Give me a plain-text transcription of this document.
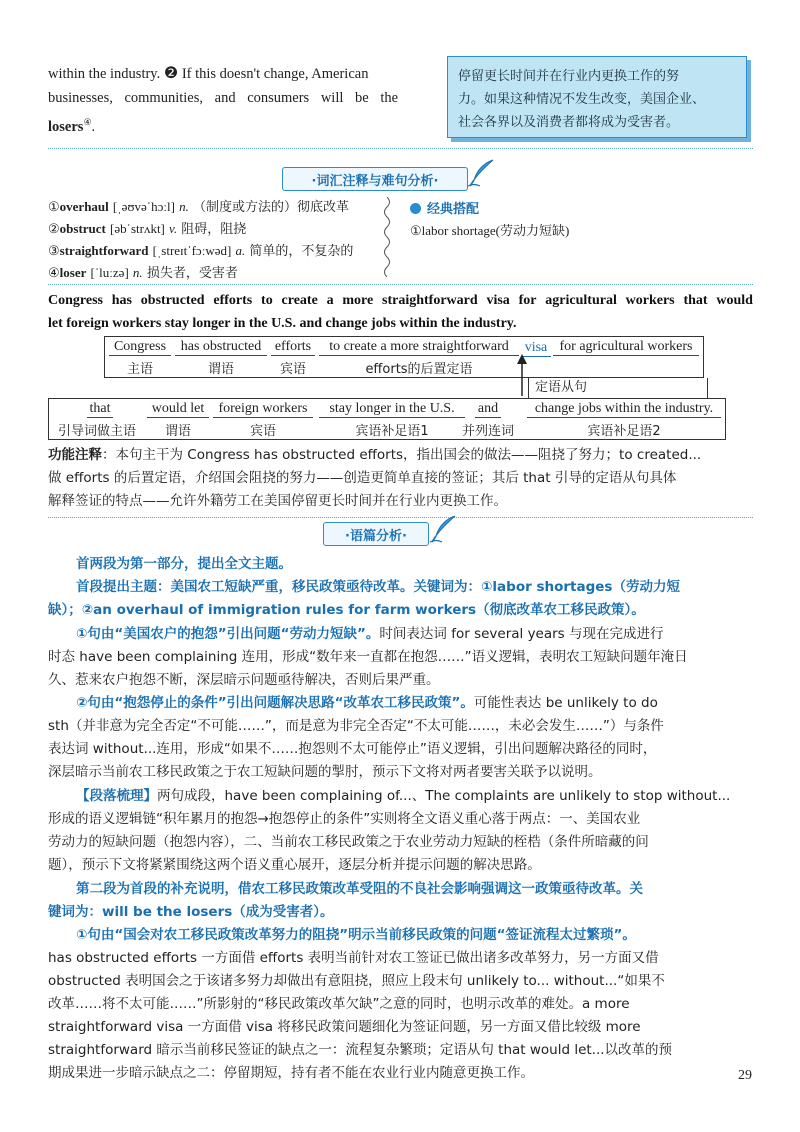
within the industry. ❷ If this doesn't change, American
businesses, communities, and consumers will be the
losers④.
停留更长时间并在行业内更换工作的努
力。如果这种情况不发生改变，美国企业、
社会各界以及消费者都将成为受害者。
·词汇注释与难句分析·
①overhaul [ˌəʊvəˈhɔːl] n. （制度或方法的）彻底改革
②obstruct [əbˈstrʌkt] v. 阻碍，阻挠
③straightforward [ˌstreɪtˈfɔːwəd] a. 简单的，不复杂的
④loser [ˈluːzə] n. 损失者，受害者
经典搭配
①labor shortage(劳动力短缺)
Congress has obstructed efforts to create a more straightforward visa for agricultural workers that would
let foreign workers stay longer in the U.S. and change jobs within the industry.
Congress	has obstructed efforts	to create a more straightforward	visa for agricultural workers
主语	谓语	宾语	efforts的后置定语
定语从句
that	would let	foreign workers	stay longer in the U.S.	and	change jobs within the industry.
引导词做主语	谓语	宾语	宾语补足语1	并列连词	宾语补足语2
功能注释：本句主干为 Congress has obstructed efforts，指出国会的做法——阻挠了努力；to created...
做 efforts 的后置定语，介绍国会阻挠的努力——创造更简单直接的签证；其后 that 引导的定语从句具体
解释签证的特点——允许外籍劳工在美国停留更长时间并在行业内更换工作。
·语篇分析·
首两段为第一部分，提出全文主题。
首段提出主题：美国农工短缺严重，移民政策亟待改革。关键词为：①labor shortages（劳动力短
缺）；②an overhaul of immigration rules for farm workers（彻底改革农工移民政策）。
①句由“美国农户的抱怨”引出问题“劳动力短缺”。时间表达词 for several years 与现在完成进行
时态 have been complaining 连用，形成“数年来一直都在抱怨……”语义逻辑，表明农工短缺问题年淹日
久、惹来农户抱怨不断，深层暗示问题亟待解决，否则后果严重。
②句由“抱怨停止的条件”引出问题解决思路“改革农工移民政策”。可能性表达 be unlikely to do
sth（并非意为完全否定“不可能……”，而是意为非完全否定“不太可能……，未必会发生……”）与条件
表达词 without...连用，形成“如果不……抱怨则不太可能停止”语义逻辑，引出问题解决路径的同时，
深层暗示当前农工移民政策之于农工短缺问题的掣肘，预示下文将对两者要害关联予以说明。
【段落梳理】两句成段，have been complaining of...、The complaints are unlikely to stop without...
形成的语义逻辑链“积年累月的抱怨→抱怨停止的条件”实则将全文语义重心落于两点：一、美国农业
劳动力的短缺问题（抱怨内容），二、当前农工移民政策之于农业劳动力短缺的桎梏（条件所暗藏的问
题），预示下文将紧紧围绕这两个语义重心展开，逐层分析并提示问题的解决思路。
第二段为首段的补充说明，借农工移民政策改革受阻的不良社会影响强调这一政策亟待改革。关
键词为：will be the losers（成为受害者）。
①句由“国会对农工移民政策改革努力的阻挠”明示当前移民政策的问题“签证流程太过繁琐”。
has obstructed efforts 一方面借 efforts 表明当前针对农工签证已做出诸多改革努力，另一方面又借
obstructed 表明国会之于该诸多努力却做出有意阻挠，照应上段末句 unlikely to... without...“如果不
改革……将不太可能……”所影射的“移民政策改革欠缺”之意的同时，也明示改革的难处。a more
straightforward visa 一方面借 visa 将移民政策问题细化为签证问题，另一方面又借比较级 more
straightforward 暗示当前移民签证的缺点之一：流程复杂繁琐；定语从句 that would let...以改革的预
期成果进一步暗示缺点之二：停留期短，持有者不能在农业行业内随意更换工作。	29
